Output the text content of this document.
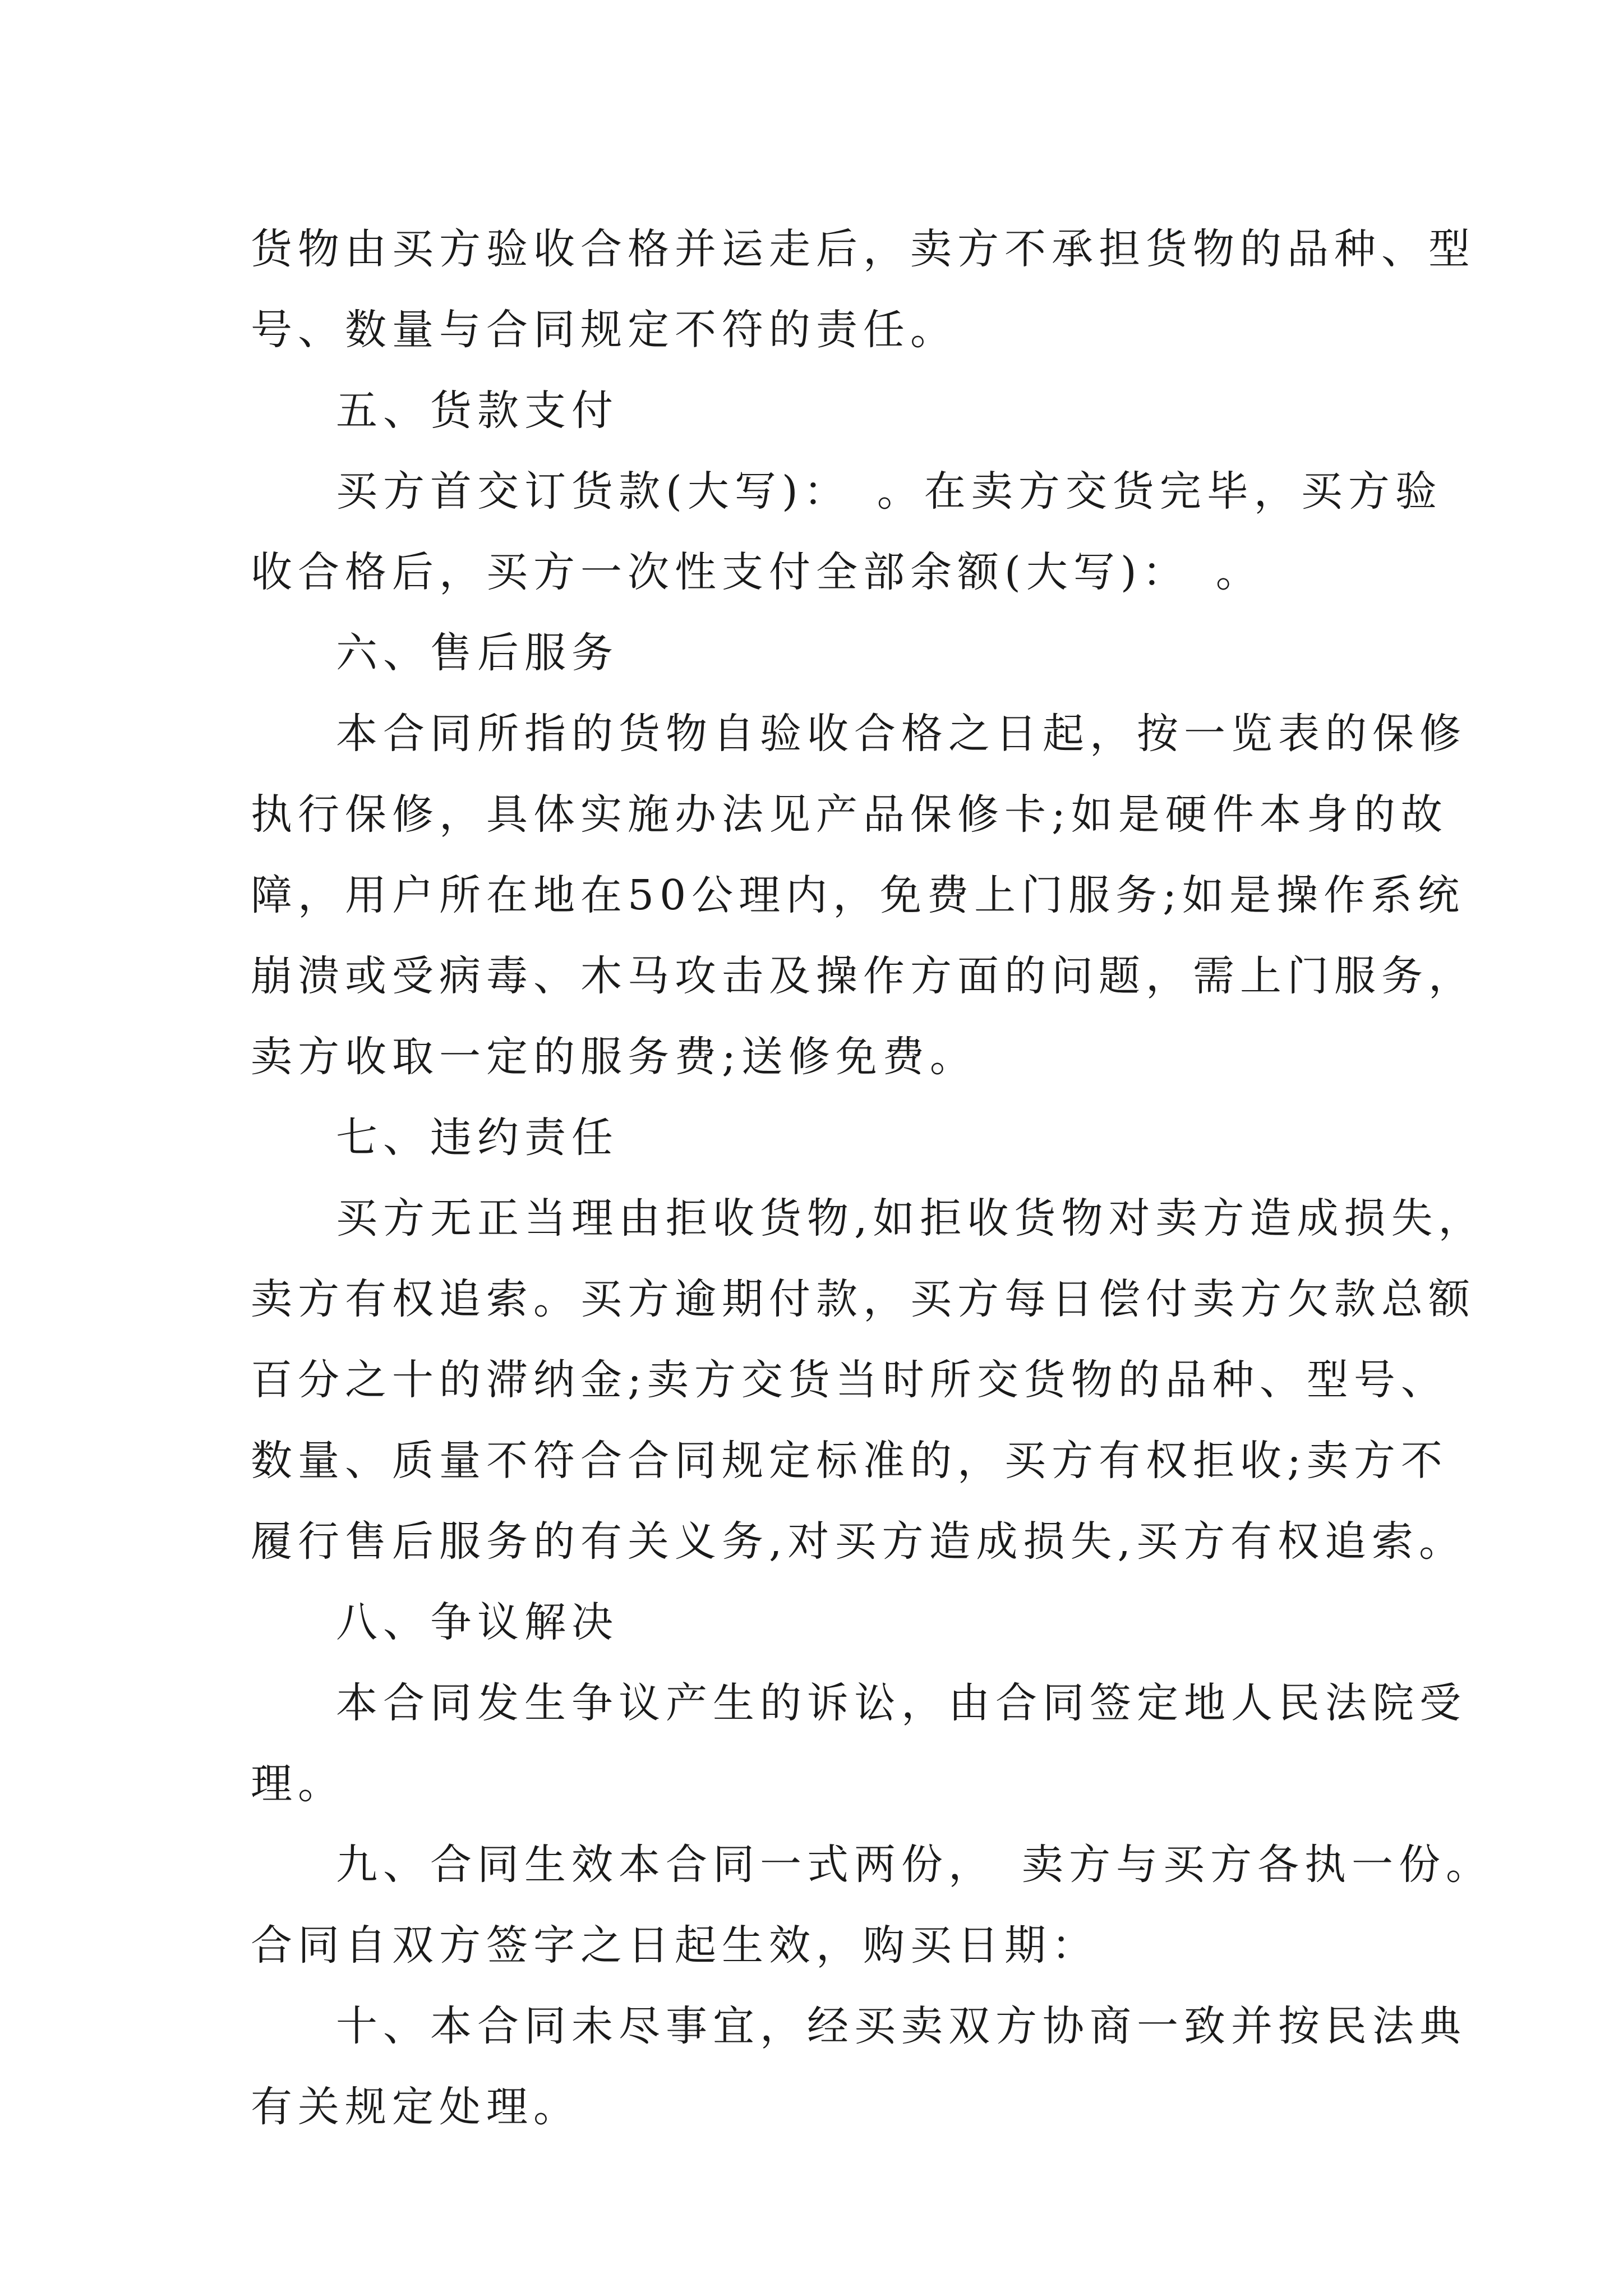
货物由买方验收合格并运走后，卖方不承担货物的品种、型
号、数量与合同规定不符的责任。
五、货款支付
买方首交订货款(大写)：　。在卖方交货完毕，买方验
收合格后，买方一次性支付全部余额(大写)：　。
六、售后服务
本合同所指的货物自验收合格之日起，按一览表的保修
执行保修，具体实施办法见产品保修卡;如是硬件本身的故
障，用户所在地在50公理内，免费上门服务;如是操作系统
崩溃或受病毒、木马攻击及操作方面的问题，需上门服务，
卖方收取一定的服务费;送修免费。
七、违约责任
买方无正当理由拒收货物,如拒收货物对卖方造成损失，
卖方有权追索。买方逾期付款，买方每日偿付卖方欠款总额
百分之十的滞纳金;卖方交货当时所交货物的品种、型号、
数量、质量不符合合同规定标准的，买方有权拒收;卖方不
履行售后服务的有关义务,对买方造成损失,买方有权追索。
八、争议解决
本合同发生争议产生的诉讼，由合同签定地人民法院受
理。
九、合同生效本合同一式两份，　卖方与买方各执一份。
合同自双方签字之日起生效，购买日期：
十、本合同未尽事宜，经买卖双方协商一致并按民法典
有关规定处理。
